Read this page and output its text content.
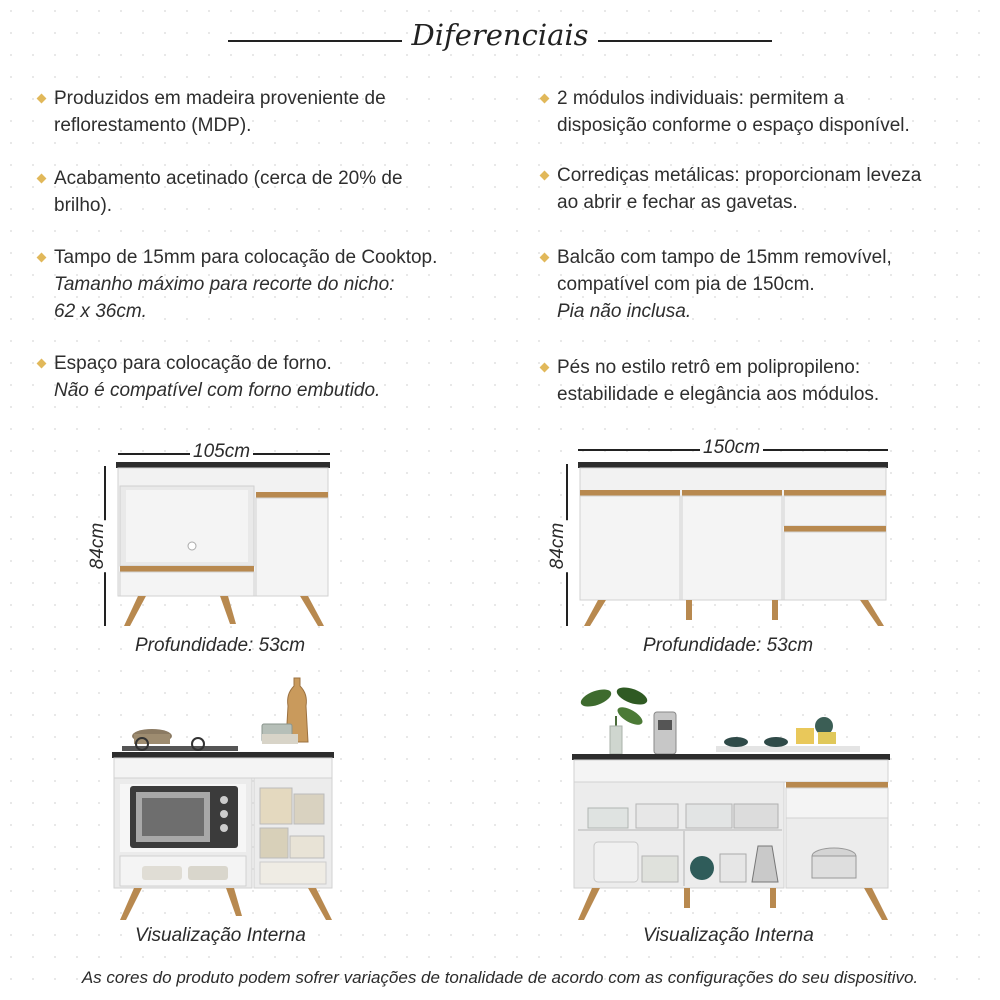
Diferenciais
Produzidos em madeira proveniente de
reflorestamento (MDP).
Acabamento acetinado (cerca de 20% de
brilho).
Tampo de 15mm para colocação de Cooktop.
Tamanho máximo para recorte do nicho:
62 x 36cm.
Espaço para colocação de forno.
Não é compatível com forno embutido.
2 módulos individuais: permitem a
disposição conforme o espaço disponível.
Corrediças metálicas: proporcionam leveza
ao abrir e fechar as gavetas.
Balcão com tampo de 15mm removível,
compatível com pia de 150cm.
Pia não inclusa.
Pés no estilo retrô em polipropileno:
estabilidade e elegância aos módulos.
105cm
84cm
Profundidade: 53cm
150cm
84cm
Profundidade: 53cm
Visualização Interna	Visualização Interna
As cores do produto podem sofrer variações de tonalidade de acordo com as configurações do seu dispositivo.
